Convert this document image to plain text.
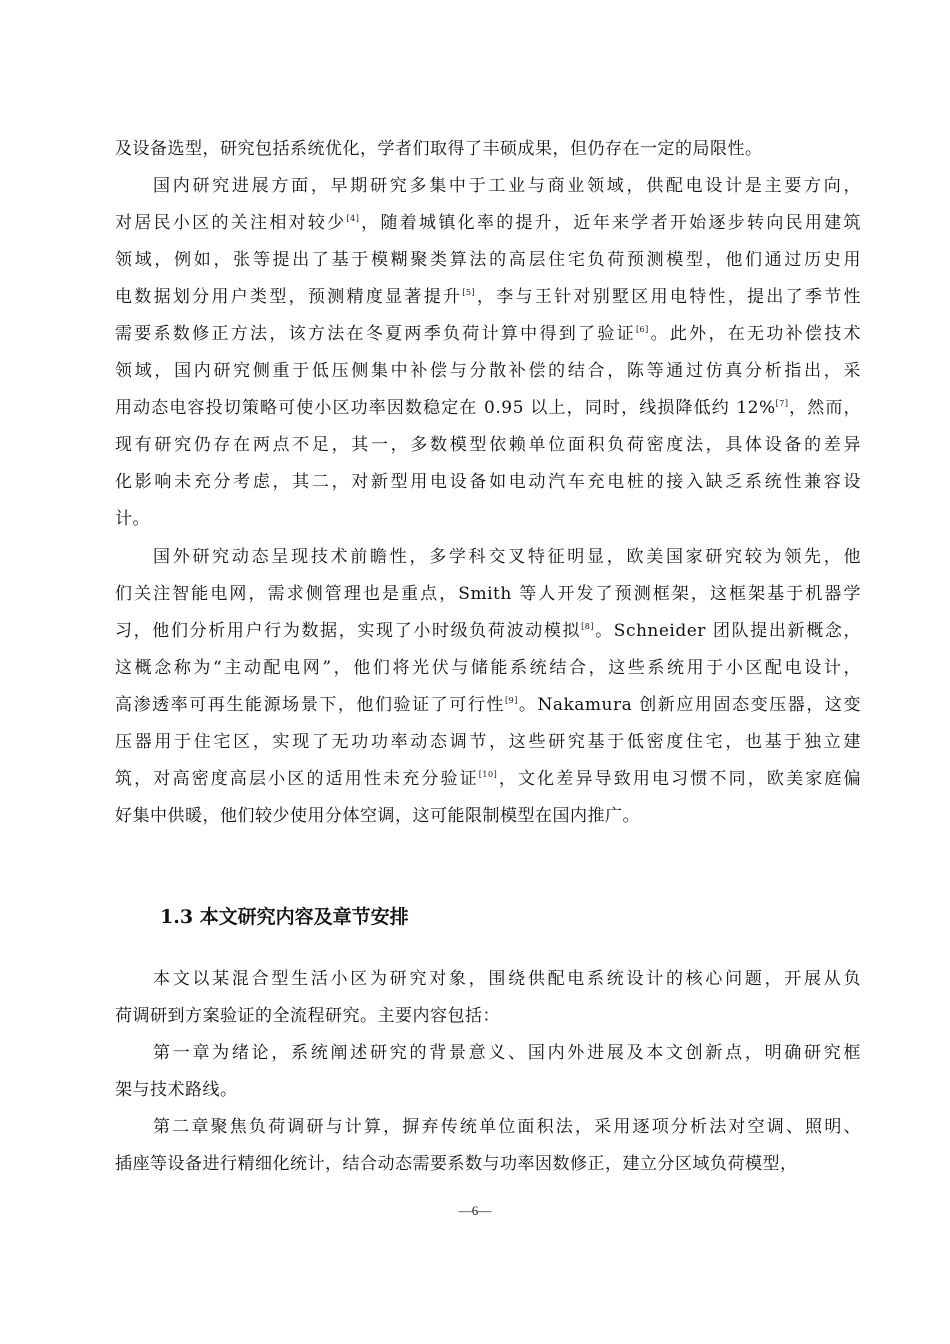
及设备选型，研究包括系统优化，学者们取得了丰硕成果，但仍存在一定的局限性。
国内研究进展方面，早期研究多集中于工业与商业领域，供配电设计是主要方向，
对居民小区的关注相对较少[4]，随着城镇化率的提升，近年来学者开始逐步转向民用建筑
领域，例如，张等提出了基于模糊聚类算法的高层住宅负荷预测模型，他们通过历史用
电数据划分用户类型，预测精度显著提升[5]，李与王针对别墅区用电特性，提出了季节性
需要系数修正方法，该方法在冬夏两季负荷计算中得到了验证[6]。此外，在无功补偿技术
领域，国内研究侧重于低压侧集中补偿与分散补偿的结合，陈等通过仿真分析指出，采
用动态电容投切策略可使小区功率因数稳定在 0.95 以上，同时，线损降低约 12%[7]，然而，
现有研究仍存在两点不足，其一，多数模型依赖单位面积负荷密度法，具体设备的差异
化影响未充分考虑，其二，对新型用电设备如电动汽车充电桩的接入缺乏系统性兼容设
计。
国外研究动态呈现技术前瞻性，多学科交叉特征明显，欧美国家研究较为领先，他
们关注智能电网，需求侧管理也是重点，Smith 等人开发了预测框架，这框架基于机器学
习，他们分析用户行为数据，实现了小时级负荷波动模拟[8]。Schneider 团队提出新概念，
这概念称为“主动配电网”，他们将光伏与储能系统结合，这些系统用于小区配电设计，
高渗透率可再生能源场景下，他们验证了可行性[9]。Nakamura 创新应用固态变压器，这变
压器用于住宅区，实现了无功功率动态调节，这些研究基于低密度住宅，也基于独立建
筑，对高密度高层小区的适用性未充分验证[10]，文化差异导致用电习惯不同，欧美家庭偏
好集中供暖，他们较少使用分体空调，这可能限制模型在国内推广。
本文以某混合型生活小区为研究对象，围绕供配电系统设计的核心问题，开展从负
荷调研到方案验证的全流程研究。主要内容包括：
第一章为绪论，系统阐述研究的背景意义、国内外进展及本文创新点，明确研究框
架与技术路线。
第二章聚焦负荷调研与计算，摒弃传统单位面积法，采用逐项分析法对空调、照明、
插座等设备进行精细化统计，结合动态需要系数与功率因数修正，建立分区域负荷模型，
1.3 本文研究内容及章节安排
—6—
